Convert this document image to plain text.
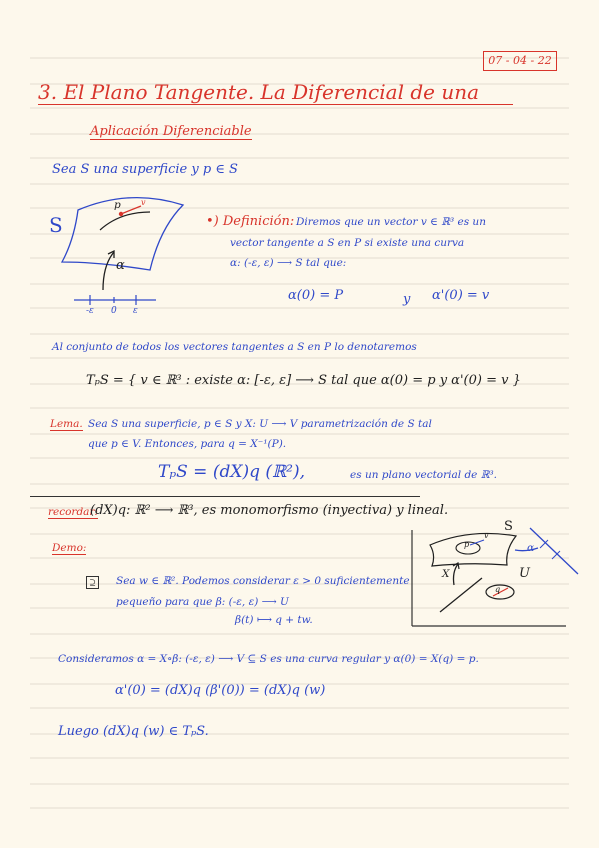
07 - 04 - 22
3. El Plano Tangente. La Diferencial de una
Aplicación Diferenciable
Sea S una superficie y p ∈ S
S
p	v
α
-ε 0 ε
•) Definición: Diremos que un vector v ∈ ℝ³ es un
vector tangente a S en P si existe una curva
α: (-ε, ε) ⟶ S tal que:
α(0) = P	y α'(0) = v
Al conjunto de todos los vectores tangentes a S en P lo denotaremos
TₚS = { v ∈ ℝ³ : existe α: [-ε, ε] ⟶ S tal que α(0) = p y α'(0) = v }
Lema. Sea S una superficie, p ∈ S y X: U ⟶ V parametrización de S tal
que p ∈ V. Entonces, para q = X⁻¹(P).
TₚS = (dX)q (ℝ²),	es un plano vectorial de ℝ³.
recordar:
(dX)q: ℝ² ⟶ ℝ³, es monomorfismo (inyectiva) y lineal.
Demo:
⊇	Sea w ∈ ℝ². Podemos considerar ε > 0 suficientemente
pequeño para que β: (-ε, ε) ⟶ U
β(t) ⟼ q + tw.
S
X	U
α
v
p
q
Consideramos α = X∘β: (-ε, ε) ⟶ V ⊆ S es una curva regular y α(0) = X(q) = p.
α'(0) = (dX)q (β'(0)) = (dX)q (w)
Luego (dX)q (w) ∈ TₚS.
